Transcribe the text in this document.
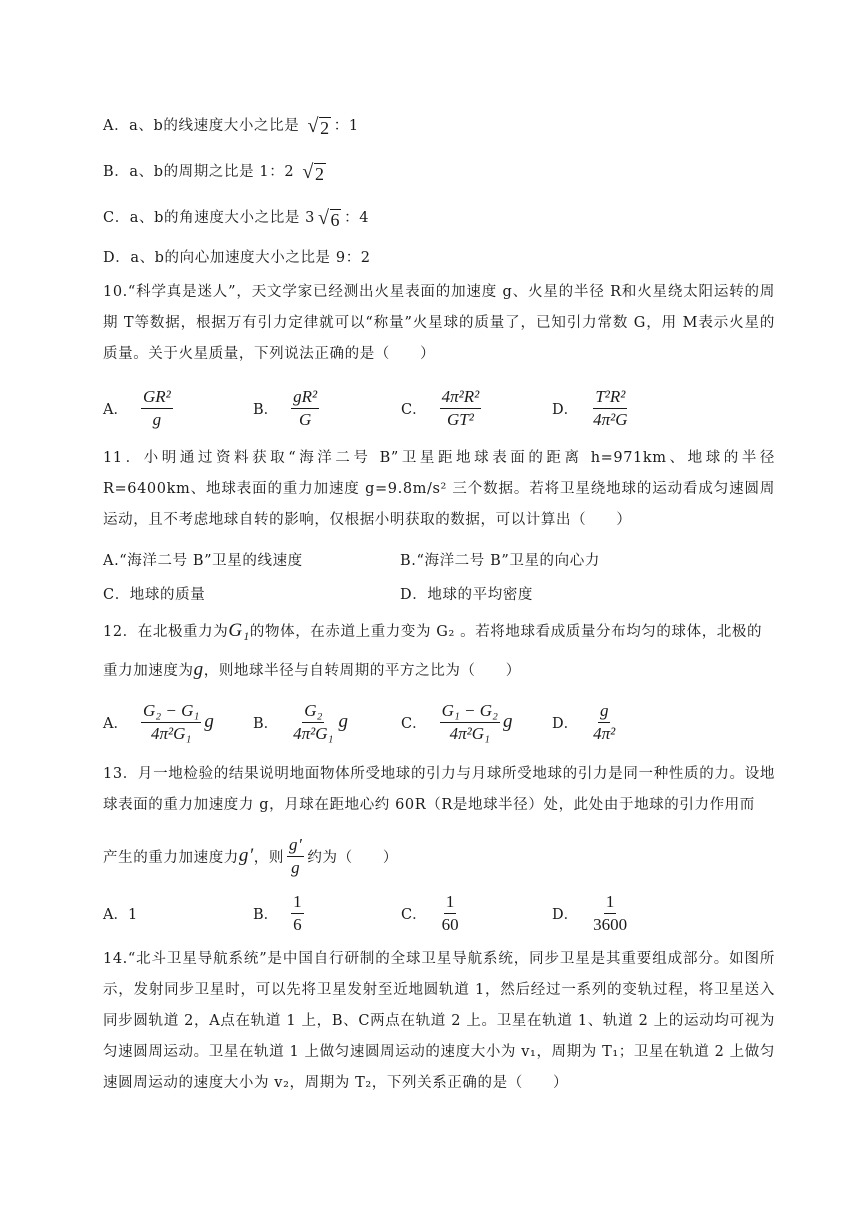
A．a、b的线速度大小之比是 √ 2 ：1
B．a、b的周期之比是 1：2 √ 2
C．a、b的角速度大小之比是 3 √ 6 ：4
D．a、b的向心加速度大小之比是 9：2
10.“科学真是迷人”，天文学家已经测出火星表面的加速度 g、火星的半径 R和火星绕太阳运转的周期 T等数据，根据万有引力定律就可以“称量”火星球的质量了，已知引力常数 G，用 M表示火星的质量。关于火星质量，下列说法正确的是（　　）
A． $\frac{\text{GR²}}{g}$	B． $\frac{\text{gR²}}{G}$	C． $\frac{\text{4π²R²}}{\text{GT²}}$	D． $\frac{\text{T²R²}}{\text{4π²G}}$
11．小明通过资料获取“海洋二号 B”卫星距地球表面的距离 h=971km、地球的半径 R=6400km、地球表面的重力加速度 g=9.8m/s² 三个数据。若将卫星绕地球的运动看成匀速圆周运动，且不考虑地球自转的影响，仅根据小明获取的数据，可以计算出（　　）
A.“海洋二号 B”卫星的线速度	B.“海洋二号 B”卫星的向心力
C．地球的质量	D．地球的平均密度
12．在北极重力为G₁的物体，在赤道上重力变为 G₂ 。若将地球看成质量分布均匀的球体，北极的
重力加速度为g，则地球半径与自转周期的平方之比为（　　）
A． $\frac{\text{G₂ − G₁}}{\text{4π²G₁}}$ g	B． $\frac{\text{G₂}}{\text{4π²G₁}}$ g	C． $\frac{\text{G₁ − G₂}}{\text{4π²G₁}}$ g	D． $\frac{g}{\text{4π²}}$
13．月一地检验的结果说明地面物体所受地球的引力与月球所受地球的引力是同一种性质的力。设地球表面的重力加速度力 g，月球在距地心约 60R（R是地球半径）处，此处由于地球的引力作用而
产生的重力加速度力 g′ ，则 $\frac{g'}{g}$ 约为（　　）
A．1	B． $\frac{1}{6}$	C． $\frac{1}{60}$	D． $\frac{1}{3600}$
14.“北斗卫星导航系统”是中国自行研制的全球卫星导航系统，同步卫星是其重要组成部分。如图所示，发射同步卫星时，可以先将卫星发射至近地圆轨道 1，然后经过一系列的变轨过程，将卫星送入同步圆轨道 2，A点在轨道 1 上，B、C两点在轨道 2 上。卫星在轨道 1、轨道 2 上的运动均可视为匀速圆周运动。卫星在轨道 1 上做匀速圆周运动的速度大小为 v₁，周期为 T₁；卫星在轨道 2 上做匀速圆周运动的速度大小为 v₂，周期为 T₂，下列关系正确的是（　　）
